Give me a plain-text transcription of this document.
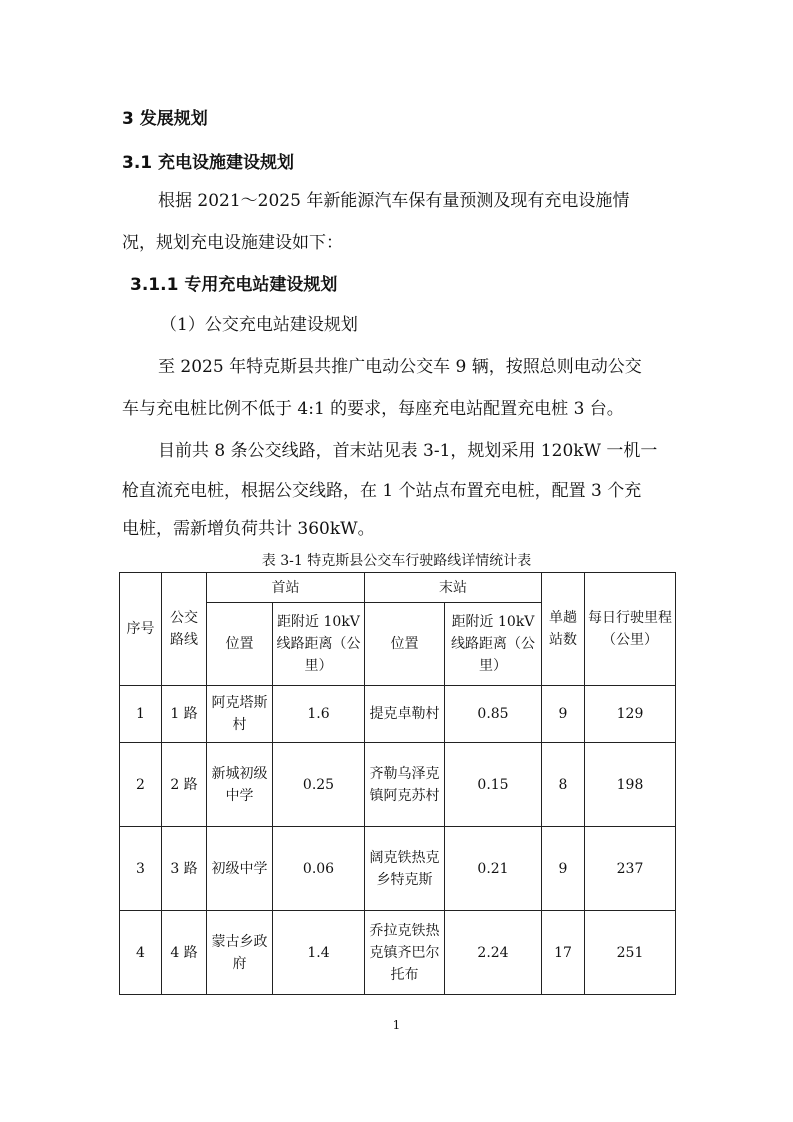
3 发展规划
3.1 充电设施建设规划
根据 2021～2025 年新能源汽车保有量预测及现有充电设施情
况，规划充电设施建设如下：
3.1.1 专用充电站建设规划
（1）公交充电站建设规划
至 2025 年特克斯县共推广电动公交车 9 辆，按照总则电动公交
车与充电桩比例不低于 4:1 的要求，每座充电站配置充电桩 3 台。
目前共 8 条公交线路，首末站见表 3-1，规划采用 120kW 一机一
枪直流充电桩，根据公交线路，在 1 个站点布置充电桩，配置 3 个充
电桩，需新增负荷共计 360kW。
表 3-1 特克斯县公交车行驶路线详情统计表
序号	公交路线	首站		末站		单趟站数	每日行驶里程（公里）
		位置	距附近 10kV 线路距离（公里）	位置	距附近 10kV 线路距离（公里）		
1	1 路	阿克塔斯村	1.6	提克卓勒村	0.85	9	129
2	2 路	新城初级中学	0.25	齐勒乌泽克镇阿克苏村	0.15	8	198
3	3 路	初级中学	0.06	阔克铁热克乡特克斯	0.21	9	237
4	4 路	蒙古乡政府	1.4	乔拉克铁热克镇齐巴尔托布	2.24	17	251
1
